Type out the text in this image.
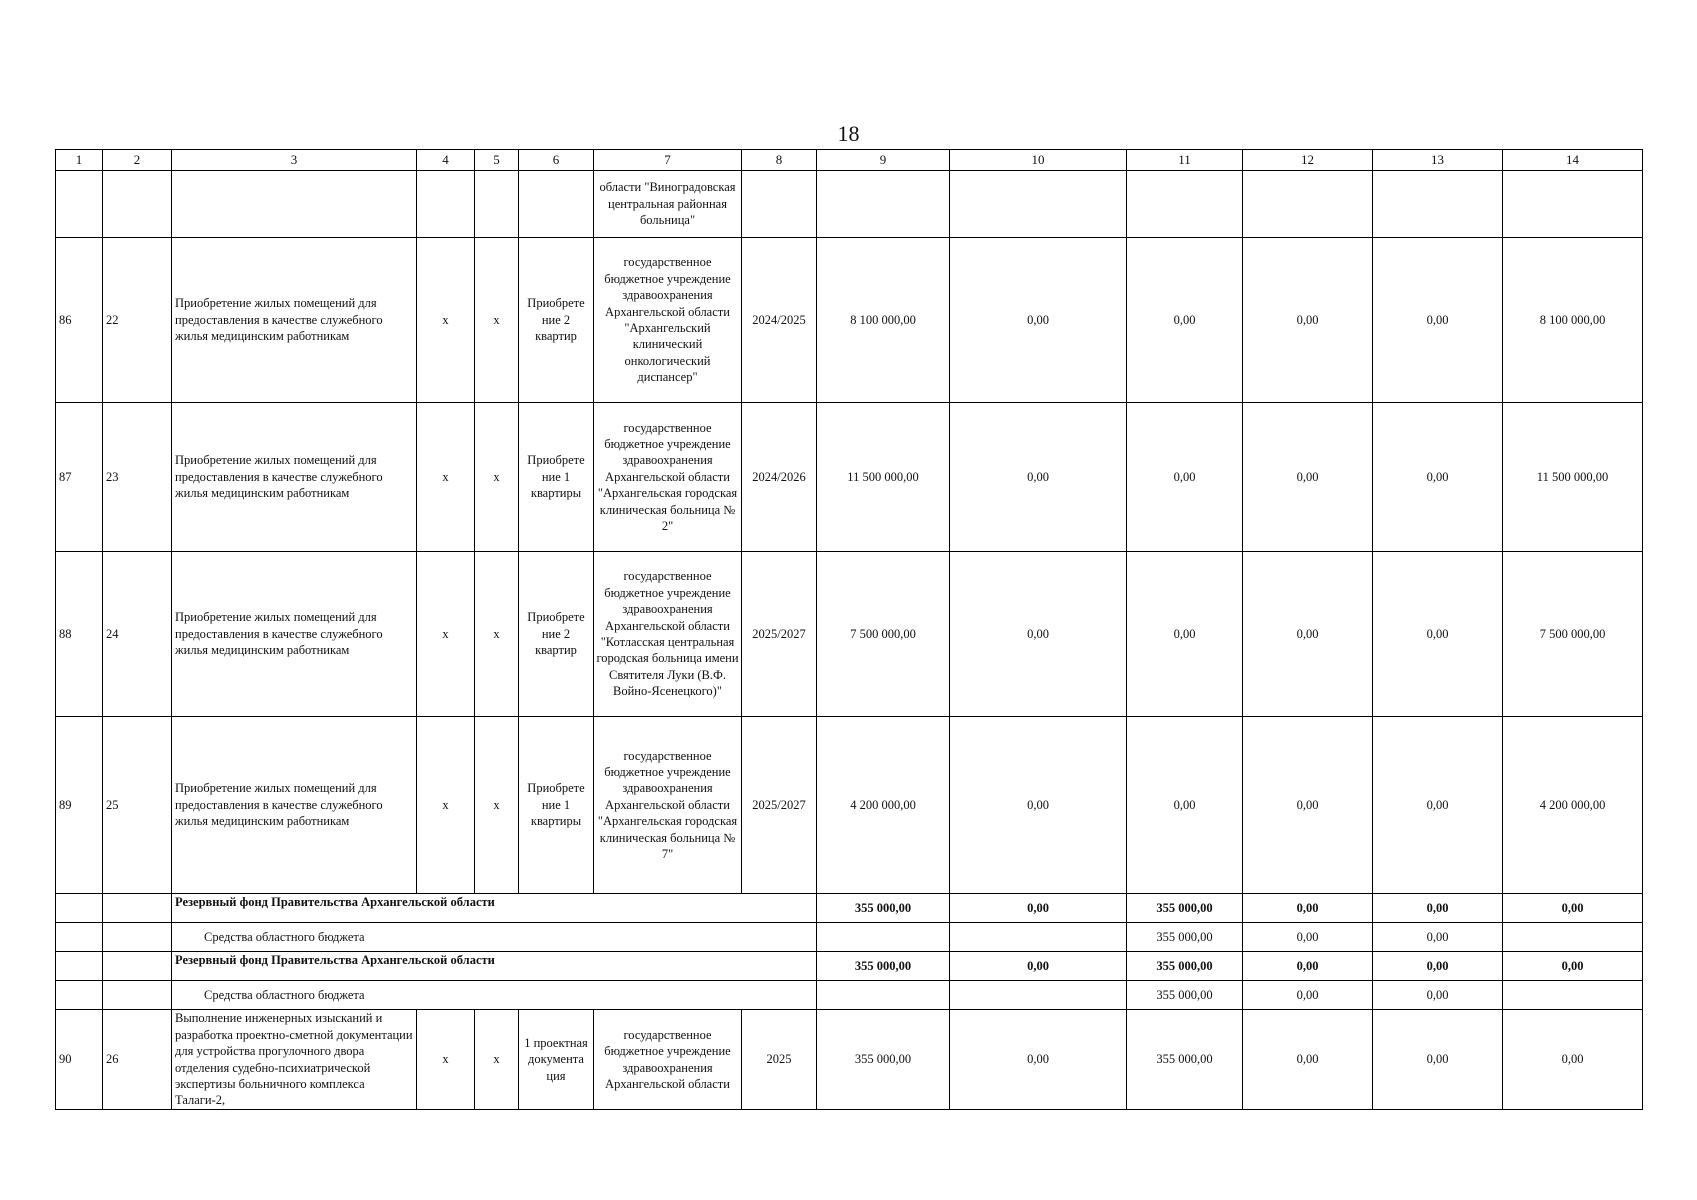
18
1	2	3	4	5	6	7	8	9	10	11	12	13	14
						области "Виноградовская центральная районная больница"							
86	22	Приобретение жилых помещений для предоставления в качестве служебного жилья медицинским работникам	x	x	Приобрете ние 2 квартир	государственное бюджетное учреждение здравоохранения Архангельской области "Архангельский клинический онкологический диспансер"	2024/2025	8 100 000,00	0,00	0,00	0,00	0,00	8 100 000,00
87	23	Приобретение жилых помещений для предоставления в качестве служебного жилья медицинским работникам	x	x	Приобрете ние 1 квартиры	государственное бюджетное учреждение здравоохранения Архангельской области "Архангельская городская клиническая больница № 2"	2024/2026	11 500 000,00	0,00	0,00	0,00	0,00	11 500 000,00
88	24	Приобретение жилых помещений для предоставления в качестве служебного жилья медицинским работникам	x	x	Приобрете ние 2 квартир	государственное бюджетное учреждение здравоохранения Архангельской области "Котласская центральная городская больница имени Святителя Луки (В.Ф. Войно-Ясенецкого)"	2025/2027	7 500 000,00	0,00	0,00	0,00	0,00	7 500 000,00
89	25	Приобретение жилых помещений для предоставления в качестве служебного жилья медицинским работникам	x	x	Приобрете ние 1 квартиры	государственное бюджетное учреждение здравоохранения Архангельской области "Архангельская городская клиническая больница № 7"	2025/2027	4 200 000,00	0,00	0,00	0,00	0,00	4 200 000,00
		Резервный фонд Правительства Архангельской области						355 000,00	0,00	355 000,00	0,00	0,00	0,00
		Средства областного бюджета								355 000,00	0,00	0,00	
		Резервный фонд Правительства Архангельской области						355 000,00	0,00	355 000,00	0,00	0,00	0,00
		Средства областного бюджета								355 000,00	0,00	0,00	
90	26	Выполнение инженерных изысканий и разработка проектно-сметной документации для устройства прогулочного двора отделения судебно-психиатрической экспертизы больничного комплекса Талаги-2,	x	x	1 проектная документа ция	государственное бюджетное учреждение здравоохранения Архангельской области	2025	355 000,00	0,00	355 000,00	0,00	0,00	0,00
